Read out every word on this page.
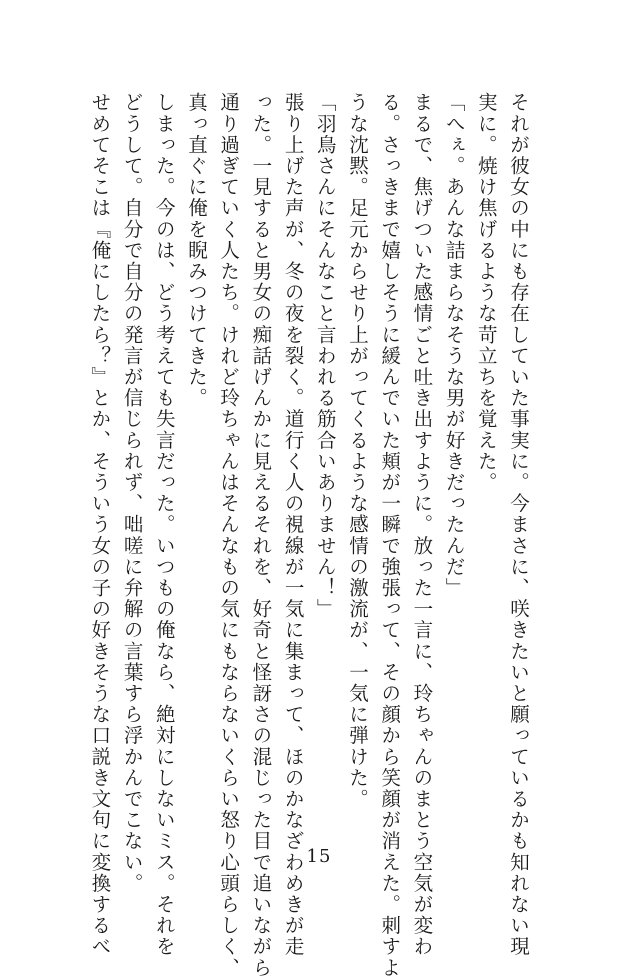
それが彼女の中にも存在していた事実に。今まさに、咲きたいと願っているかも知れない現

実に。焼け焦げるような苛立ちを覚えた。

「へぇ。あんな詰まらなそうな男が好きだったんだ」

まるで、焦げついた感情ごと吐き出すように。放った一言に、玲ちゃんのまとう空気が変わ

る。さっきまで嬉しそうに緩んでいた頬が一瞬で強張って、その顔から笑顔が消えた。刺すよ

うな沈黙。足元からせり上がってくるような感情の激流が、一気に弾けた。

「羽鳥さんにそんなこと言われる筋合いありません！」

張り上げた声が、冬の夜を裂く。道行く人の視線が一気に集まって、ほのかなざわめきが走

った。一見すると男女の痴話げんかに見えるそれを、好奇と怪訝さの混じった目で追いながら

通り過ぎていく人たち。けれど玲ちゃんはそんなもの気にもならないくらい怒り心頭らしく、

真っ直ぐに俺を睨みつけてきた。

しまった。今のは、どう考えても失言だった。いつもの俺なら、絶対にしないミス。それを

どうして。自分で自分の発言が信じられず、咄嗟に弁解の言葉すら浮かんでこない。

せめてそこは『俺にしたら？』とか、そういう女の子の好きそうな口説き文句に変換するべ	15
